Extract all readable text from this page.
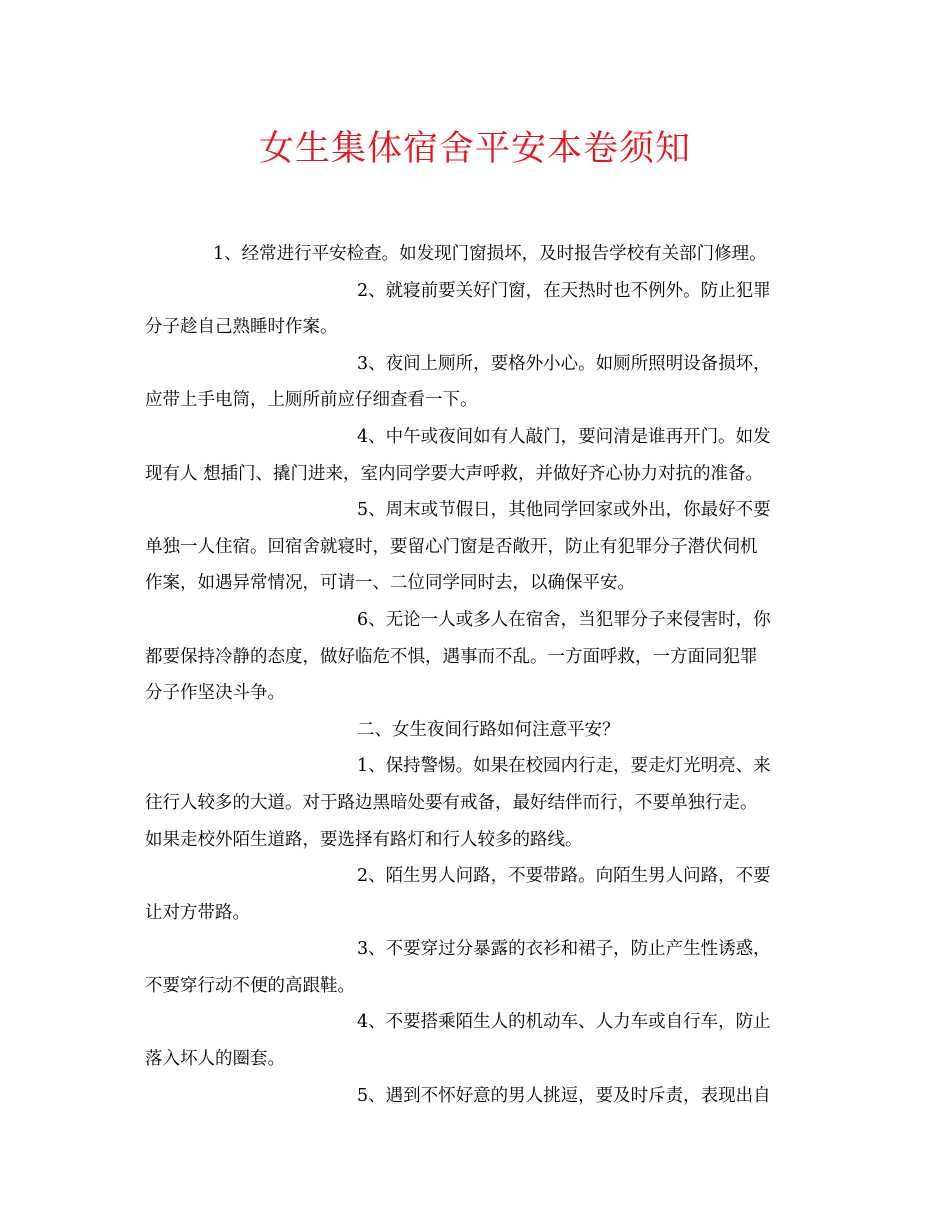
女生集体宿舍平安本卷须知
1、经常进行平安检查。如发现门窗损坏，及时报告学校有关部门修理。
2、就寝前要关好门窗，在天热时也不例外。防止犯罪
分子趁自己熟睡时作案。
3、夜间上厕所，要格外小心。如厕所照明设备损坏，
应带上手电筒，上厕所前应仔细查看一下。
4、中午或夜间如有人敲门，要问清是谁再开门。如发
现有人 想插门、撬门进来，室内同学要大声呼救，并做好齐心协力对抗的准备。
5、周末或节假日，其他同学回家或外出，你最好不要
单独一人住宿。回宿舍就寝时，要留心门窗是否敞开，防止有犯罪分子潜伏伺机
作案，如遇异常情况，可请一、二位同学同时去，以确保平安。
6、无论一人或多人在宿舍，当犯罪分子来侵害时，你
都要保持冷静的态度，做好临危不惧，遇事而不乱。一方面呼救，一方面同犯罪
分子作坚决斗争。
二、女生夜间行路如何注意平安？
1、保持警惕。如果在校园内行走，要走灯光明亮、来
往行人较多的大道。对于路边黑暗处要有戒备，最好结伴而行，不要单独行走。
如果走校外陌生道路，要选择有路灯和行人较多的路线。
2、陌生男人问路，不要带路。向陌生男人问路，不要
让对方带路。
3、不要穿过分暴露的衣衫和裙子，防止产生性诱惑，
不要穿行动不便的高跟鞋。
4、不要搭乘陌生人的机动车、人力车或自行车，防止
落入坏人的圈套。
5、遇到不怀好意的男人挑逗，要及时斥责，表现出自
